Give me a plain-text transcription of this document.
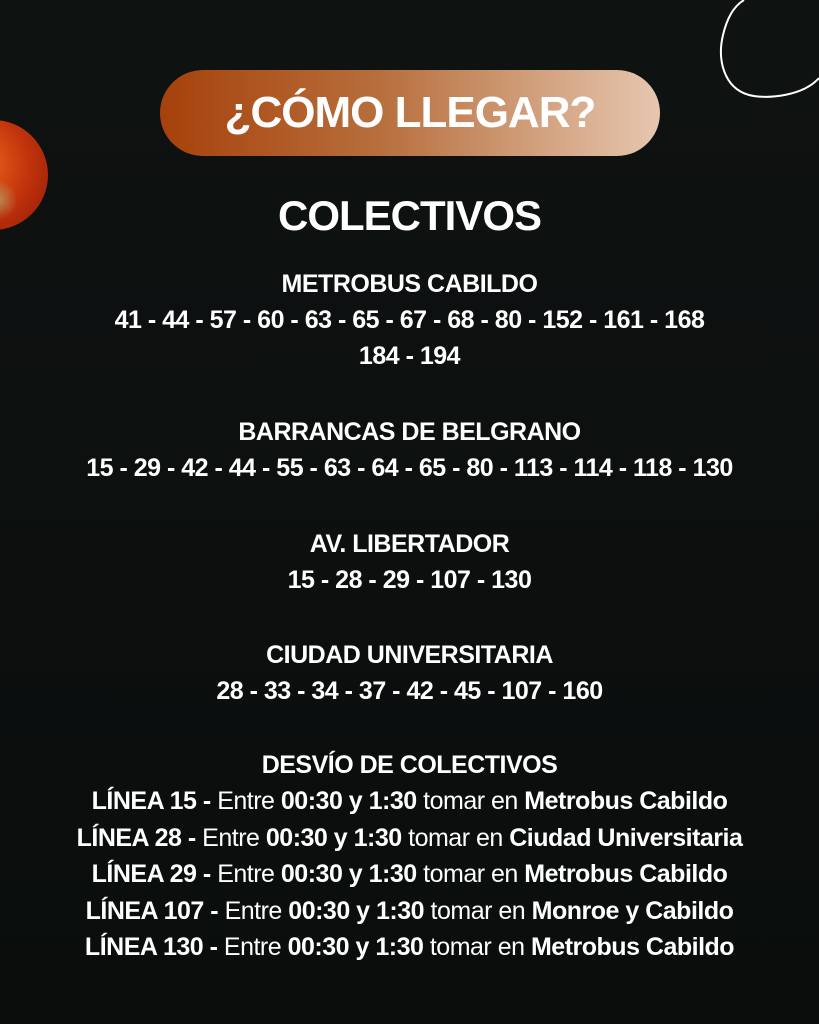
¿CÓMO LLEGAR?
COLECTIVOS
METROBUS CABILDO
41 - 44 - 57 - 60 - 63 - 65 - 67 - 68 - 80 - 152 - 161 - 168
184 - 194
BARRANCAS DE BELGRANO
15 - 29 - 42 - 44 - 55 - 63 - 64 - 65 - 80 - 113 - 114 - 118 - 130
AV. LIBERTADOR
15 - 28 - 29 - 107 - 130
CIUDAD UNIVERSITARIA
28 - 33 - 34 - 37 - 42 - 45 - 107 - 160
DESVÍO DE COLECTIVOS
LÍNEA 15 - Entre 00:30 y 1:30 tomar en Metrobus Cabildo
LÍNEA 28 - Entre 00:30 y 1:30 tomar en Ciudad Universitaria
LÍNEA 29 - Entre 00:30 y 1:30 tomar en Metrobus Cabildo
LÍNEA 107 - Entre 00:30 y 1:30 tomar en Monroe y Cabildo
LÍNEA 130 - Entre 00:30 y 1:30 tomar en Metrobus Cabildo
